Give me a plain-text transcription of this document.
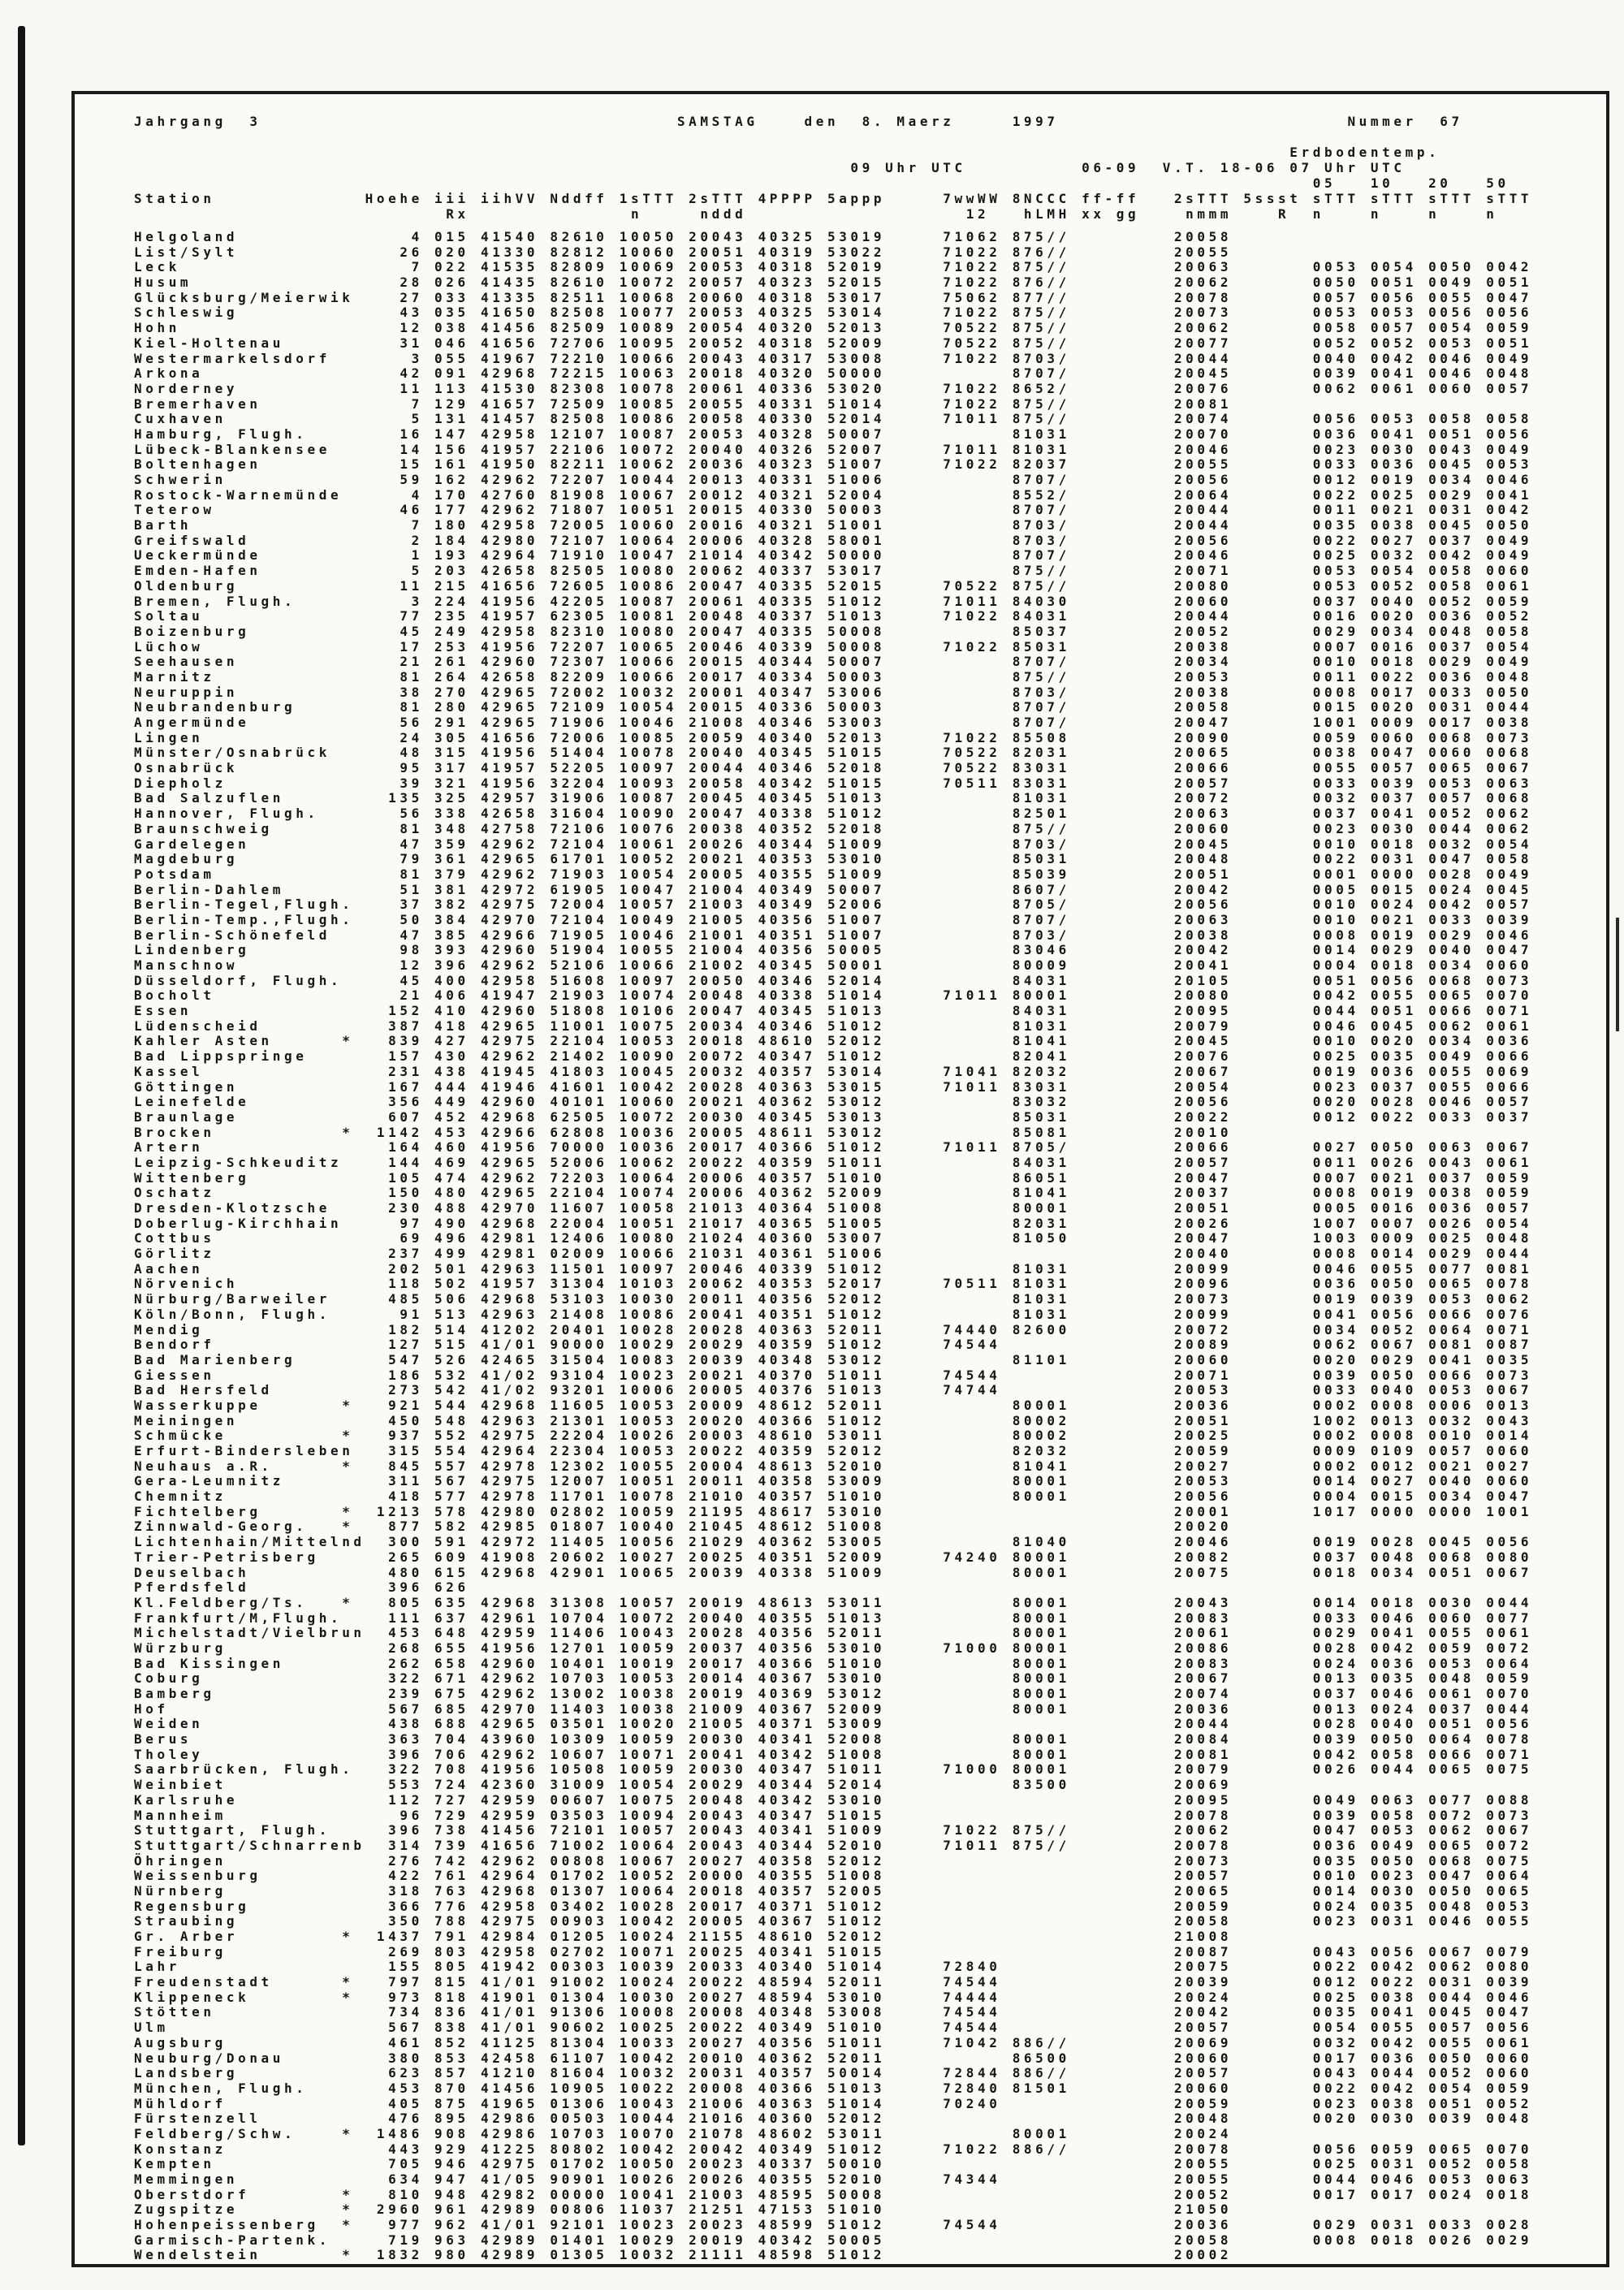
Jahrgang  3                                    SAMSTAG    den  8. Maerz     1997                         Nummer  67

Erdbodentemp.
09 Uhr UTC          06-09  V.T. 18-06 07 Uhr UTC
05   10   20   50
Station             Hoehe iii iihVV Nddff 1sTTT 2sTTT 4PPPP 5appp     7wwWW 8NCCC ff-ff   2sTTT 5ssst sTTT sTTT sTTT sTTT
Rx              n     nddd                   12   hLMH xx gg    nmmm    R  n    n    n    n
Helgoland               4 015 41540 82610 10050 20043 40325 53019     71062 875//         20058
List/Sylt              26 020 41330 82812 10060 20051 40319 53022     71022 876//         20055
Leck                    7 022 41535 82809 10069 20053 40318 52019     71022 875//         20063       0053 0054 0050 0042
Husum                  28 026 41435 82610 10072 20057 40323 52015     71022 876//         20062       0050 0051 0049 0051
Glücksburg/Meierwik    27 033 41335 82511 10068 20060 40318 53017     75062 877//         20078       0057 0056 0055 0047
Schleswig              43 035 41650 82508 10077 20053 40325 53014     71022 875//         20073       0053 0053 0056 0056
Hohn                   12 038 41456 82509 10089 20054 40320 52013     70522 875//         20062       0058 0057 0054 0059
Kiel-Holtenau          31 046 41656 72706 10095 20052 40318 52009     70522 875//         20077       0052 0052 0053 0051
Westermarkelsdorf       3 055 41967 72210 10066 20043 40317 53008     71022 8703/         20044       0040 0042 0046 0049
Arkona                 42 091 42968 72215 10063 20018 40320 50000           8707/         20045       0039 0041 0046 0048
Norderney              11 113 41530 82308 10078 20061 40336 53020     71022 8652/         20076       0062 0061 0060 0057
Bremerhaven             7 129 41657 72509 10085 20055 40331 51014     71022 875//         20081
Cuxhaven                5 131 41457 82508 10086 20058 40330 52014     71011 875//         20074       0056 0053 0058 0058
Hamburg, Flugh.        16 147 42958 12107 10087 20053 40328 50007           81031         20070       0036 0041 0051 0056
Lübeck-Blankensee      14 156 41957 22106 10072 20040 40326 52007     71011 81031         20046       0023 0030 0043 0049
Boltenhagen            15 161 41950 82211 10062 20036 40323 51007     71022 82037         20055       0033 0036 0045 0053
Schwerin               59 162 42962 72207 10044 20013 40331 51006           8707/         20056       0012 0019 0034 0046
Rostock-Warnemünde      4 170 42760 81908 10067 20012 40321 52004           8552/         20064       0022 0025 0029 0041
Teterow                46 177 42962 71807 10051 20015 40330 50003           8707/         20044       0011 0021 0031 0042
Barth                   7 180 42958 72005 10060 20016 40321 51001           8703/         20044       0035 0038 0045 0050
Greifswald              2 184 42980 72107 10064 20006 40328 58001           8703/         20056       0022 0027 0037 0049
Ueckermünde             1 193 42964 71910 10047 21014 40342 50000           8707/         20046       0025 0032 0042 0049
Emden-Hafen             5 203 42658 82505 10080 20062 40337 53017           875//         20071       0053 0054 0058 0060
Oldenburg              11 215 41656 72605 10086 20047 40335 52015     70522 875//         20080       0053 0052 0058 0061
Bremen, Flugh.          3 224 41956 42205 10087 20061 40335 51012     71011 84030         20060       0037 0040 0052 0059
Soltau                 77 235 41957 62305 10081 20048 40337 51013     71022 84031         20044       0016 0020 0036 0052
Boizenburg             45 249 42958 82310 10080 20047 40335 50008           85037         20052       0029 0034 0048 0058
Lüchow                 17 253 41956 72207 10065 20046 40339 50008     71022 85031         20038       0007 0016 0037 0054
Seehausen              21 261 42960 72307 10066 20015 40344 50007           8707/         20034       0010 0018 0029 0049
Marnitz                81 264 42658 82209 10066 20017 40334 50003           875//         20053       0011 0022 0036 0048
Neuruppin              38 270 42965 72002 10032 20001 40347 53006           8703/         20038       0008 0017 0033 0050
Neubrandenburg         81 280 42965 72109 10054 20015 40336 50003           8707/         20058       0015 0020 0031 0044
Angermünde             56 291 42965 71906 10046 21008 40346 53003           8707/         20047       1001 0009 0017 0038
Lingen                 24 305 41656 72006 10085 20059 40340 52013     71022 85508         20090       0059 0060 0068 0073
Münster/Osnabrück      48 315 41956 51404 10078 20040 40345 51015     70522 82031         20065       0038 0047 0060 0068
Osnabrück              95 317 41957 52205 10097 20044 40346 52018     70522 83031         20066       0055 0057 0065 0067
Diepholz               39 321 41956 32204 10093 20058 40342 51015     70511 83031         20057       0033 0039 0053 0063
Bad Salzuflen         135 325 42957 31906 10087 20045 40345 51013           81031         20072       0032 0037 0057 0068
Hannover, Flugh.       56 338 42658 31604 10090 20047 40338 51012           82501         20063       0037 0041 0052 0062
Braunschweig           81 348 42758 72106 10076 20038 40352 52018           875//         20060       0023 0030 0044 0062
Gardelegen             47 359 42962 72104 10061 20026 40344 51009           8703/         20045       0010 0018 0032 0054
Magdeburg              79 361 42965 61701 10052 20021 40353 53010           85031         20048       0022 0031 0047 0058
Potsdam                81 379 42962 71903 10054 20005 40355 51009           85039         20051       0001 0000 0028 0049
Berlin-Dahlem          51 381 42972 61905 10047 21004 40349 50007           8607/         20042       0005 0015 0024 0045
Berlin-Tegel,Flugh.    37 382 42975 72004 10057 21003 40349 52006           8705/         20056       0010 0024 0042 0057
Berlin-Temp.,Flugh.    50 384 42970 72104 10049 21005 40356 51007           8707/         20063       0010 0021 0033 0039
Berlin-Schönefeld      47 385 42966 71905 10046 21001 40351 51007           8703/         20038       0008 0019 0029 0046
Lindenberg             98 393 42960 51904 10055 21004 40356 50005           83046         20042       0014 0029 0040 0047
Manschnow              12 396 42962 52106 10066 21002 40345 50001           80009         20041       0004 0018 0034 0060
Düsseldorf, Flugh.     45 400 42958 51608 10097 20050 40346 52014           84031         20105       0051 0056 0068 0073
Bocholt                21 406 41947 21903 10074 20048 40338 51014     71011 80001         20080       0042 0055 0065 0070
Essen                 152 410 42960 51808 10106 20047 40345 51013           84031         20095       0044 0051 0066 0071
Lüdenscheid           387 418 42965 11001 10075 20034 40346 51012           81031         20079       0046 0045 0062 0061
Kahler Asten      *   839 427 42975 22104 10053 20018 48610 52012           81041         20045       0010 0020 0034 0036
Bad Lippspringe       157 430 42962 21402 10090 20072 40347 51012           82041         20076       0025 0035 0049 0066
Kassel                231 438 41945 41803 10045 20032 40357 53014     71041 82032         20067       0019 0036 0055 0069
Göttingen             167 444 41946 41601 10042 20028 40363 53015     71011 83031         20054       0023 0037 0055 0066
Leinefelde            356 449 42960 40101 10060 20021 40362 53012           83032         20056       0020 0028 0046 0057
Braunlage             607 452 42968 62505 10072 20030 40345 53013           85031         20022       0012 0022 0033 0037
Brocken           *  1142 453 42966 62808 10036 20005 48611 53012           85081         20010
Artern                164 460 41956 70000 10036 20017 40366 51012     71011 8705/         20066       0027 0050 0063 0067
Leipzig-Schkeuditz    144 469 42965 52006 10062 20022 40359 51011           84031         20057       0011 0026 0043 0061
Wittenberg            105 474 42962 72203 10064 20006 40357 51010           86051         20047       0007 0021 0037 0059
Oschatz               150 480 42965 22104 10074 20006 40362 52009           81041         20037       0008 0019 0038 0059
Dresden-Klotzsche     230 488 42970 11607 10058 21013 40364 51008           80001         20051       0005 0016 0036 0057
Doberlug-Kirchhain     97 490 42968 22004 10051 21017 40365 51005           82031         20026       1007 0007 0026 0054
Cottbus                69 496 42981 12406 10080 21024 40360 53007           81050         20047       1003 0009 0025 0048
Görlitz               237 499 42981 02009 10066 21031 40361 51006                         20040       0008 0014 0029 0044
Aachen                202 501 42963 11501 10097 20046 40339 51012           81031         20099       0046 0055 0077 0081
Nörvenich             118 502 41957 31304 10103 20062 40353 52017     70511 81031         20096       0036 0050 0065 0078
Nürburg/Barweiler     485 506 42968 53103 10030 20011 40356 52012           81031         20073       0019 0039 0053 0062
Köln/Bonn, Flugh.      91 513 42963 21408 10086 20041 40351 51012           81031         20099       0041 0056 0066 0076
Mendig                182 514 41202 20401 10028 20028 40363 52011     74440 82600         20072       0034 0052 0064 0071
Bendorf               127 515 41/01 90000 10029 20029 40359 51012     74544               20089       0062 0067 0081 0087
Bad Marienberg        547 526 42465 31504 10083 20039 40348 53012           81101         20060       0020 0029 0041 0035
Giessen               186 532 41/02 93104 10023 20021 40370 51011     74544               20071       0039 0050 0066 0073
Bad Hersfeld          273 542 41/02 93201 10006 20005 40376 51013     74744               20053       0033 0040 0053 0067
Wasserkuppe       *   921 544 42968 11605 10053 20009 48612 52011           80001         20036       0002 0008 0006 0013
Meiningen             450 548 42963 21301 10053 20020 40366 51012           80002         20051       1002 0013 0032 0043
Schmücke          *   937 552 42975 22204 10026 20003 48610 53011           80002         20025       0002 0008 0010 0014
Erfurt-Bindersleben   315 554 42964 22304 10053 20022 40359 52012           82032         20059       0009 0109 0057 0060
Neuhaus a.R.      *   845 557 42978 12302 10055 20004 48613 52010           81041         20027       0002 0012 0021 0027
Gera-Leumnitz         311 567 42975 12007 10051 20011 40358 53009           80001         20053       0014 0027 0040 0060
Chemnitz              418 577 42978 11701 10078 21010 40357 51010           80001         20056       0004 0015 0034 0047
Fichtelberg       *  1213 578 42980 02802 10059 21195 48617 53010                         20001       1017 0000 0000 1001
Zinnwald-Georg.   *   877 582 42985 01807 10040 21045 48612 51008                         20020
Lichtenhain/Mittelnd  300 591 42972 11405 10056 21029 40362 53005           81040         20046       0019 0028 0045 0056
Trier-Petrisberg      265 609 41908 20602 10027 20025 40351 52009     74240 80001         20082       0037 0048 0068 0080
Deuselbach            480 615 42968 42901 10065 20039 40338 51009           80001         20075       0018 0034 0051 0067
Pferdsfeld            396 626
Kl.Feldberg/Ts.   *   805 635 42968 31308 10057 20019 48613 53011           80001         20043       0014 0018 0030 0044
Frankfurt/M,Flugh.    111 637 42961 10704 10072 20040 40355 51013           80001         20083       0033 0046 0060 0077
Michelstadt/Vielbrun  453 648 42959 11406 10043 20028 40356 52011           80001         20061       0029 0041 0055 0061
Würzburg              268 655 41956 12701 10059 20037 40356 53010     71000 80001         20086       0028 0042 0059 0072
Bad Kissingen         262 658 42960 10401 10019 20017 40366 51010           80001         20083       0024 0036 0053 0064
Coburg                322 671 42962 10703 10053 20014 40367 53010           80001         20067       0013 0035 0048 0059
Bamberg               239 675 42962 13002 10038 20019 40369 53012           80001         20074       0037 0046 0061 0070
Hof                   567 685 42970 11403 10038 21009 40367 52009           80001         20036       0013 0024 0037 0044
Weiden                438 688 42965 03501 10020 21005 40371 53009                         20044       0028 0040 0051 0056
Berus                 363 704 43960 10309 10059 20030 40341 52008           80001         20084       0039 0050 0064 0078
Tholey                396 706 42962 10607 10071 20041 40342 51008           80001         20081       0042 0058 0066 0071
Saarbrücken, Flugh.   322 708 41956 10508 10059 20030 40347 51011     71000 80001         20079       0026 0044 0065 0075
Weinbiet              553 724 42360 31009 10054 20029 40344 52014           83500         20069
Karlsruhe             112 727 42959 00607 10075 20048 40342 53010                         20095       0049 0063 0077 0088
Mannheim               96 729 42959 03503 10094 20043 40347 51015                         20078       0039 0058 0072 0073
Stuttgart, Flugh.     396 738 41456 72101 10057 20043 40341 51009     71022 875//         20062       0047 0053 0062 0067
Stuttgart/Schnarrenb  314 739 41656 71002 10064 20043 40344 52010     71011 875//         20078       0036 0049 0065 0072
Öhringen              276 742 42962 00808 10067 20027 40358 52012                         20073       0035 0050 0068 0075
Weissenburg           422 761 42964 01702 10052 20000 40355 51008                         20057       0010 0023 0047 0064
Nürnberg              318 763 42968 01307 10064 20018 40357 52005                         20065       0014 0030 0050 0065
Regensburg            366 776 42958 03402 10028 20017 40371 51012                         20059       0024 0035 0048 0053
Straubing             350 788 42975 00903 10042 20005 40367 51012                         20058       0023 0031 0046 0055
Gr. Arber         *  1437 791 42984 01205 10024 21155 48610 52012                         21008
Freiburg              269 803 42958 02702 10071 20025 40341 51015                         20087       0043 0056 0067 0079
Lahr                  155 805 41942 00303 10039 20033 40340 51014     72840               20075       0022 0042 0062 0080
Freudenstadt      *   797 815 41/01 91002 10024 20022 48594 52011     74544               20039       0012 0022 0031 0039
Klippeneck        *   973 818 41901 01304 10030 20027 48594 53010     74444               20024       0025 0038 0044 0046
Stötten               734 836 41/01 91306 10008 20008 40348 53008     74544               20042       0035 0041 0045 0047
Ulm                   567 838 41/01 90602 10025 20022 40349 51010     74544               20057       0054 0055 0057 0056
Augsburg              461 852 41125 81304 10033 20027 40356 51011     71042 886//         20069       0032 0042 0055 0061
Neuburg/Donau         380 853 42458 61107 10042 20010 40362 52011           86500         20060       0017 0036 0050 0060
Landsberg             623 857 41210 81604 10032 20031 40357 50014     72844 886//         20057       0043 0044 0052 0060
München, Flugh.       453 870 41456 10905 10022 20008 40366 51013     72840 81501         20060       0022 0042 0054 0059
Mühldorf              405 875 41965 01306 10043 21006 40363 51014     70240               20059       0023 0038 0051 0052
Fürstenzell           476 895 42986 00503 10044 21016 40360 52012                         20048       0020 0030 0039 0048
Feldberg/Schw.    *  1486 908 42986 10703 10070 21078 48602 53011           80001         20024
Konstanz              443 929 41225 80802 10042 20042 40349 51012     71022 886//         20078       0056 0059 0065 0070
Kempten               705 946 42975 01702 10050 20023 40337 50010                         20055       0025 0031 0052 0058
Memmingen             634 947 41/05 90901 10026 20026 40355 52010     74344               20055       0044 0046 0053 0063
Oberstdorf        *   810 948 42982 00000 10041 21003 48595 50008                         20052       0017 0017 0024 0018
Zugspitze         *  2960 961 42989 00806 11037 21251 47153 51010                         21050
Hohenpeissenberg  *   977 962 41/01 92101 10023 20023 48599 51012     74544               20036       0029 0031 0033 0028
Garmisch-Partenk.     719 963 42989 01401 10029 20019 40342 50005                         20058       0008 0018 0026 0029
Wendelstein       *  1832 980 42989 01305 10032 21111 48598 51012                         20002
